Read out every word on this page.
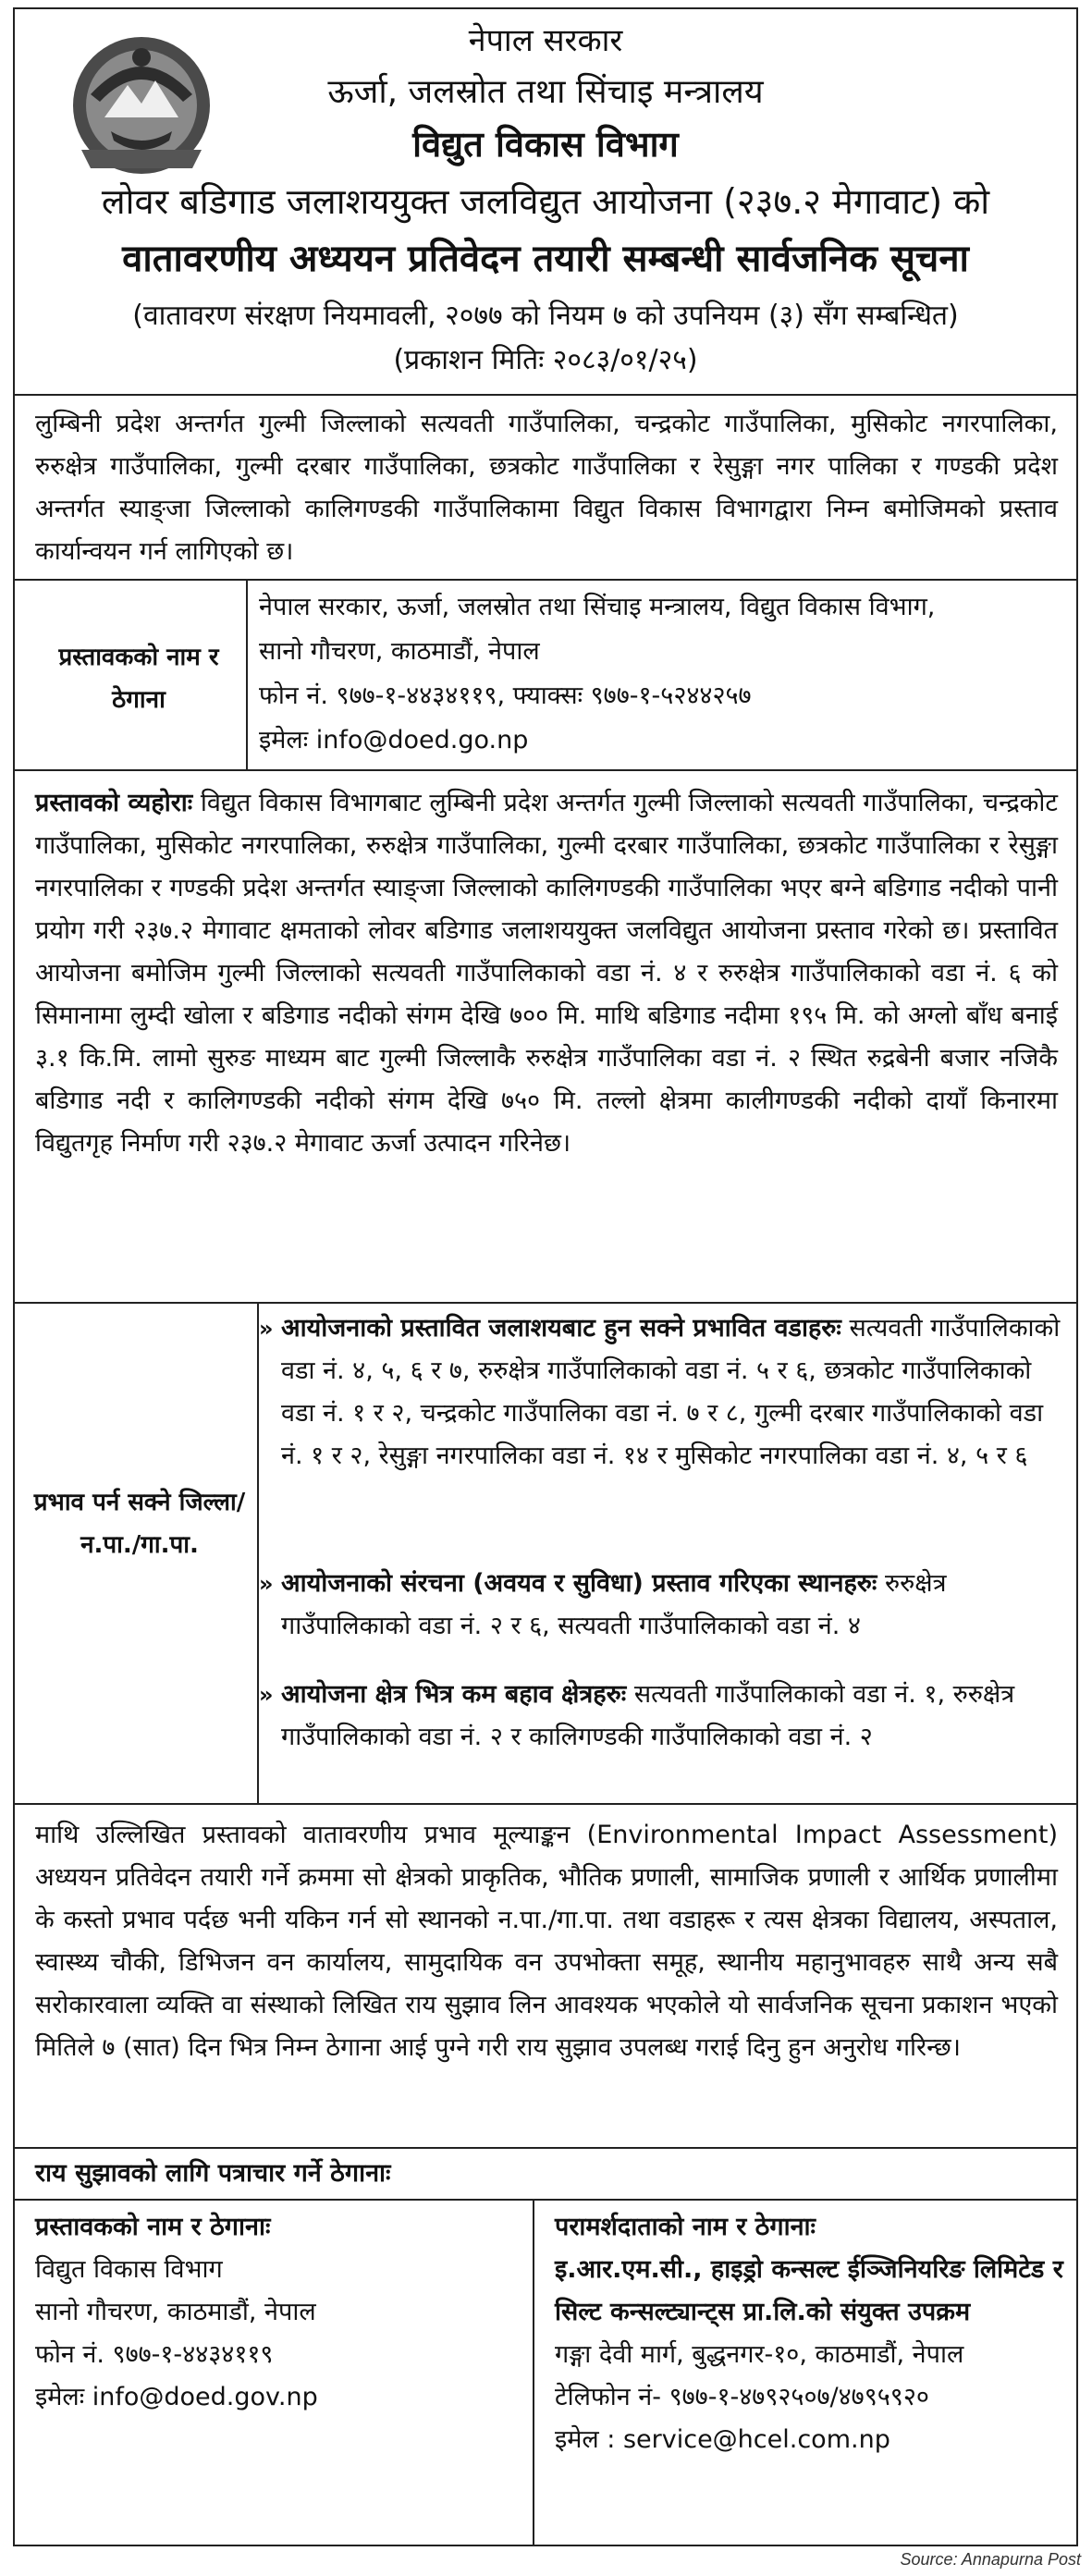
नेपाल सरकार
ऊर्जा, जलस्रोत तथा सिंचाइ मन्त्रालय
विद्युत विकास विभाग
लोवर बडिगाड जलाशययुक्त जलविद्युत आयोजना (२३७.२ मेगावाट) को
वातावरणीय अध्ययन प्रतिवेदन तयारी सम्बन्धी सार्वजनिक सूचना
(वातावरण संरक्षण नियमावली, २०७७ को नियम ७ को उपनियम (३) सँग सम्बन्धित)
(प्रकाशन मितिः २०८३/०१/२५)
लुम्बिनी प्रदेश अन्तर्गत गुल्मी जिल्लाको सत्यवती गाउँपालिका, चन्द्रकोट गाउँपालिका, मुसिकोट नगरपालिका, रुरुक्षेत्र गाउँपालिका, गुल्मी दरबार गाउँपालिका, छत्रकोट गाउँपालिका र रेसुङ्गा नगर पालिका र गण्डकी प्रदेश अन्तर्गत स्याङ्जा जिल्लाको कालिगण्डकी गाउँपालिकामा विद्युत विकास विभागद्वारा निम्न बमोजिमको प्रस्ताव कार्यान्वयन गर्न लागिएको छ।
प्रस्तावकको नाम र ठेगाना
नेपाल सरकार, ऊर्जा, जलस्रोत तथा सिंचाइ मन्त्रालय, विद्युत विकास विभाग,
सानो गौचरण, काठमाडौं, नेपाल
फोन नं. ९७७-१-४४३४११९, फ्याक्सः ९७७-१-५२४४२५७
इमेलः info@doed.go.np
प्रस्तावको व्यहोराः विद्युत विकास विभागबाट लुम्बिनी प्रदेश अन्तर्गत गुल्मी जिल्लाको सत्यवती गाउँपालिका, चन्द्रकोट गाउँपालिका, मुसिकोट नगरपालिका, रुरुक्षेत्र गाउँपालिका, गुल्मी दरबार गाउँपालिका, छत्रकोट गाउँपालिका र रेसुङ्गा नगरपालिका र गण्डकी प्रदेश अन्तर्गत स्याङ्जा जिल्लाको कालिगण्डकी गाउँपालिका भएर बग्ने बडिगाड नदीको पानी प्रयोग गरी २३७.२ मेगावाट क्षमताको लोवर बडिगाड जलाशययुक्त जलविद्युत आयोजना प्रस्ताव गरेको छ। प्रस्तावित आयोजना बमोजिम गुल्मी जिल्लाको सत्यवती गाउँपालिकाको वडा नं. ४ र रुरुक्षेत्र गाउँपालिकाको वडा नं. ६ को सिमानामा लुम्दी खोला र बडिगाड नदीको संगम देखि ७०० मि. माथि बडिगाड नदीमा १९५ मि. को अग्लो बाँध बनाई ३.१ कि.मि. लामो सुरुङ माध्यम बाट गुल्मी जिल्लाकै रुरुक्षेत्र गाउँपालिका वडा नं. २ स्थित रुद्रबेनी बजार नजिकै बडिगाड नदी र कालिगण्डकी नदीको संगम देखि ७५० मि. तल्लो क्षेत्रमा कालीगण्डकी नदीको दायाँ किनारमा विद्युतगृह निर्माण गरी २३७.२ मेगावाट ऊर्जा उत्पादन गरिनेछ।
प्रभाव पर्न सक्ने जिल्ला/न.पा./गा.पा.
» आयोजनाको प्रस्तावित जलाशयबाट हुन सक्ने प्रभावित वडाहरुः सत्यवती गाउँपालिकाको वडा नं. ४, ५, ६ र ७, रुरुक्षेत्र गाउँपालिकाको वडा नं. ५ र ६, छत्रकोट गाउँपालिकाको वडा नं. १ र २, चन्द्रकोट गाउँपालिका वडा नं. ७ र ८, गुल्मी दरबार गाउँपालिकाको वडा नं. १ र २, रेसुङ्गा नगरपालिका वडा नं. १४ र मुसिकोट नगरपालिका वडा नं. ४, ५ र ६
» आयोजनाको संरचना (अवयव र सुविधा) प्रस्ताव गरिएका स्थानहरुः रुरुक्षेत्र गाउँपालिकाको वडा नं. २ र ६, सत्यवती गाउँपालिकाको वडा नं. ४
» आयोजना क्षेत्र भित्र कम बहाव क्षेत्रहरुः सत्यवती गाउँपालिकाको वडा नं. १, रुरुक्षेत्र गाउँपालिकाको वडा नं. २ र कालिगण्डकी गाउँपालिकाको वडा नं. २
माथि उल्लिखित प्रस्तावको वातावरणीय प्रभाव मूल्याङ्कन (Environmental Impact Assessment) अध्ययन प्रतिवेदन तयारी गर्ने क्रममा सो क्षेत्रको प्राकृतिक, भौतिक प्रणाली, सामाजिक प्रणाली र आर्थिक प्रणालीमा के कस्तो प्रभाव पर्दछ भनी यकिन गर्न सो स्थानको न.पा./गा.पा. तथा वडाहरू र त्यस क्षेत्रका विद्यालय, अस्पताल, स्वास्थ्य चौकी, डिभिजन वन कार्यालय, सामुदायिक वन उपभोक्ता समूह, स्थानीय महानुभावहरु साथै अन्य सबै सरोकारवाला व्यक्ति वा संस्थाको लिखित राय सुझाव लिन आवश्यक भएकोले यो सार्वजनिक सूचना प्रकाशन भएको मितिले ७ (सात) दिन भित्र निम्न ठेगाना आई पुग्ने गरी राय सुझाव उपलब्ध गराई दिनु हुन अनुरोध गरिन्छ।
राय सुझावको लागि पत्राचार गर्ने ठेगानाः
प्रस्तावकको नाम र ठेगानाः
विद्युत विकास विभाग
सानो गौचरण, काठमाडौं, नेपाल
फोन नं. ९७७-१-४४३४११९
इमेलः info@doed.gov.np
परामर्शदाताको नाम र ठेगानाः
इ.आर.एम.सी., हाइड्रो कन्सल्ट ईञ्जिनियरिङ लिमिटेड र सिल्ट कन्सल्ट्यान्ट्स प्रा.लि.को संयुक्त उपक्रम
गङ्गा देवी मार्ग, बुद्धनगर-१०, काठमाडौं, नेपाल
टेलिफोन नं- ९७७-१-४७९२५०७/४७९५९२०
इमेल : service@hcel.com.np
Source: Annapurna Post
